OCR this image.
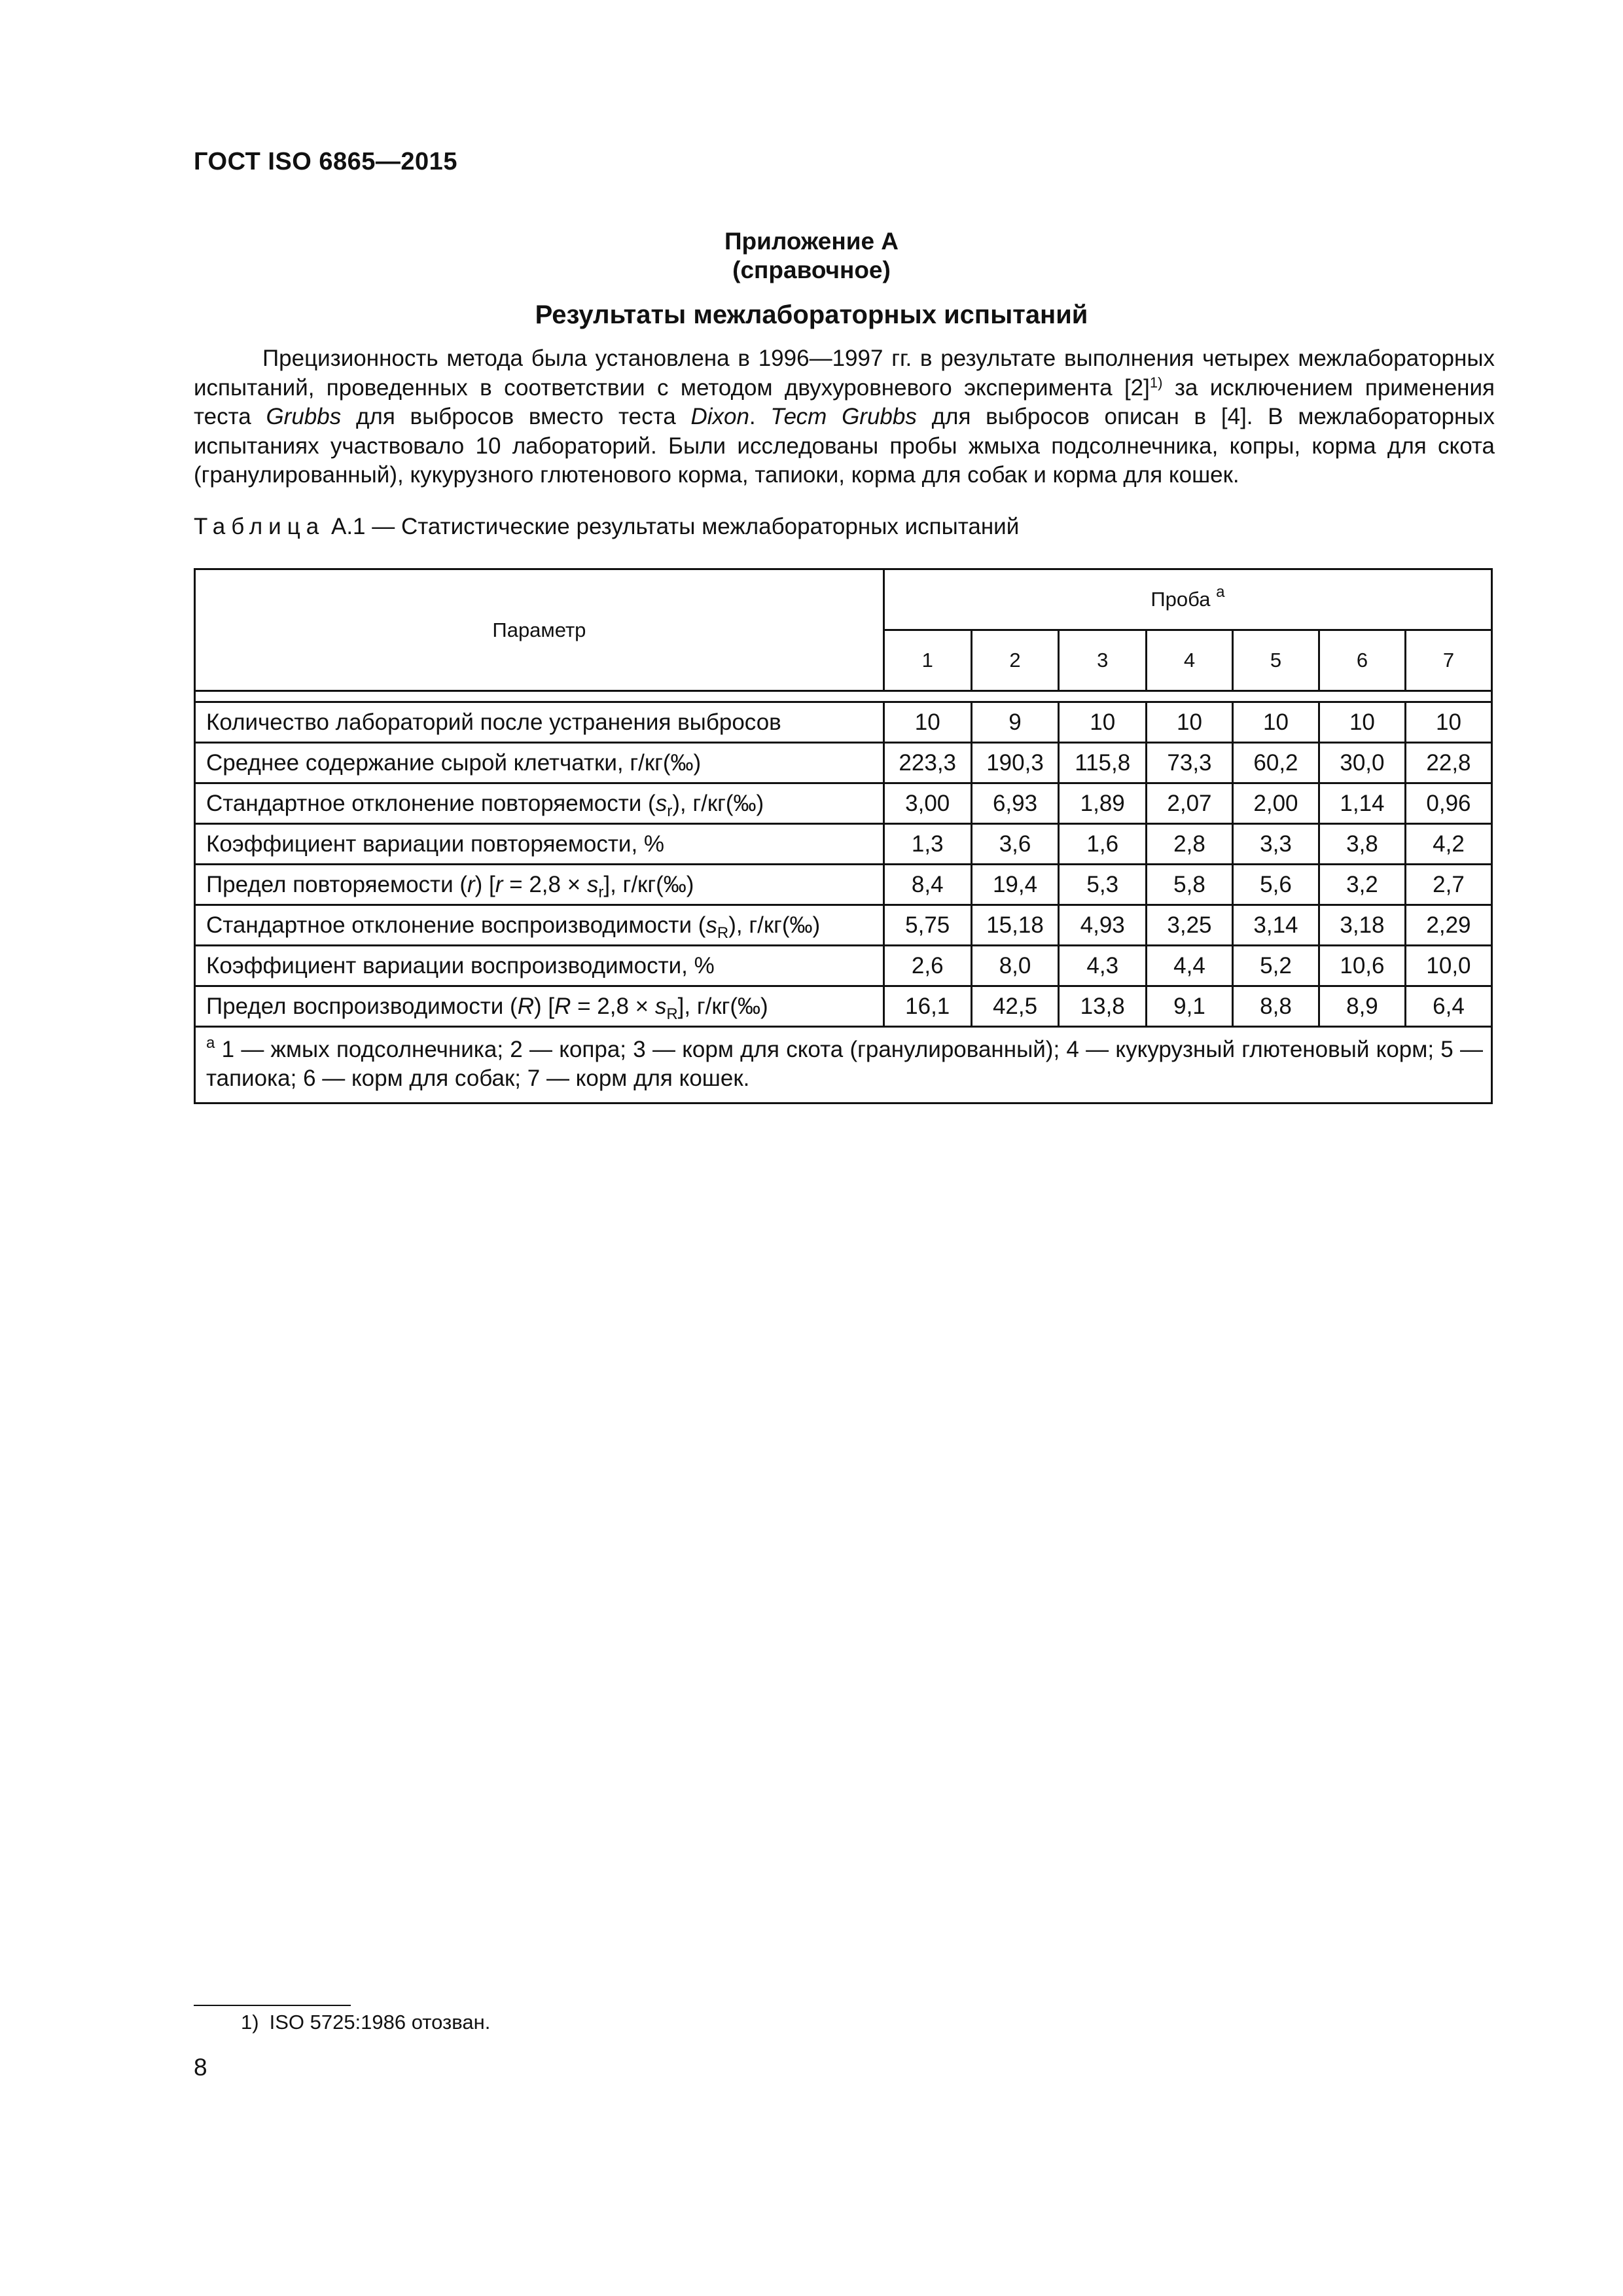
ГОСТ ISO 6865—2015
Приложение А
(справочное)
Результаты межлабораторных испытаний
Прецизионность метода была установлена в 1996—1997 гг. в результате выполнения четырех межлабораторных испытаний, проведенных в соответствии с методом двухуровневого эксперимента $[2]^{1)}$ за исключением применения теста Grubbs для выбросов вместо теста Dixon. Тест Grubbs для выбросов описан в [4]. В межлабораторных испытаниях участвовало 10 лабораторий. Были исследованы пробы жмыха подсолнечника, копры, корма для скота (гранулированный), кукурузного глютенового корма, тапиоки, корма для собак и корма для кошек.
Таблица А.1 — Статистические результаты межлабораторных испытаний
Параметр	Проба $^a$
	1	2	3	4	5	6	7

Количество лабораторий после устранения выбросов	10	9	10	10	10	10	10
Среднее содержание сырой клетчатки, г/кг(‰)	223,3	190,3	115,8	73,3	60,2	30,0	22,8
Стандартное отклонение повторяемости $(s_r)$, г/кг(‰)	3,00	6,93	1,89	2,07	2,00	1,14	0,96
Коэффициент вариации повторяемости, %	1,3	3,6	1,6	2,8	3,3	3,8	4,2
Предел повторяемости (r) $[r = 2,8 \times s_r]$, г/кг(‰)	8,4	19,4	5,3	5,8	5,6	3,2	2,7
Стандартное отклонение воспроизводимости $(s_R)$, г/кг(‰)	5,75	15,18	4,93	3,25	3,14	3,18	2,29
Коэффициент вариации воспроизводимости, %	2,6	8,0	4,3	4,4	5,2	10,6	10,0
Предел воспроизводимости (R) $[R = 2,8 \times s_R]$, г/кг(‰)	16,1	42,5	13,8	9,1	8,8	8,9	6,4
$^a$ 1 — жмых подсолнечника; 2 — копра; 3 — корм для скота (гранулированный); 4 — кукурузный глютеновый корм; 5 — тапиока; 6 — корм для собак; 7 — корм для кошек.							
1) ISO 5725:1986 отозван.
8
